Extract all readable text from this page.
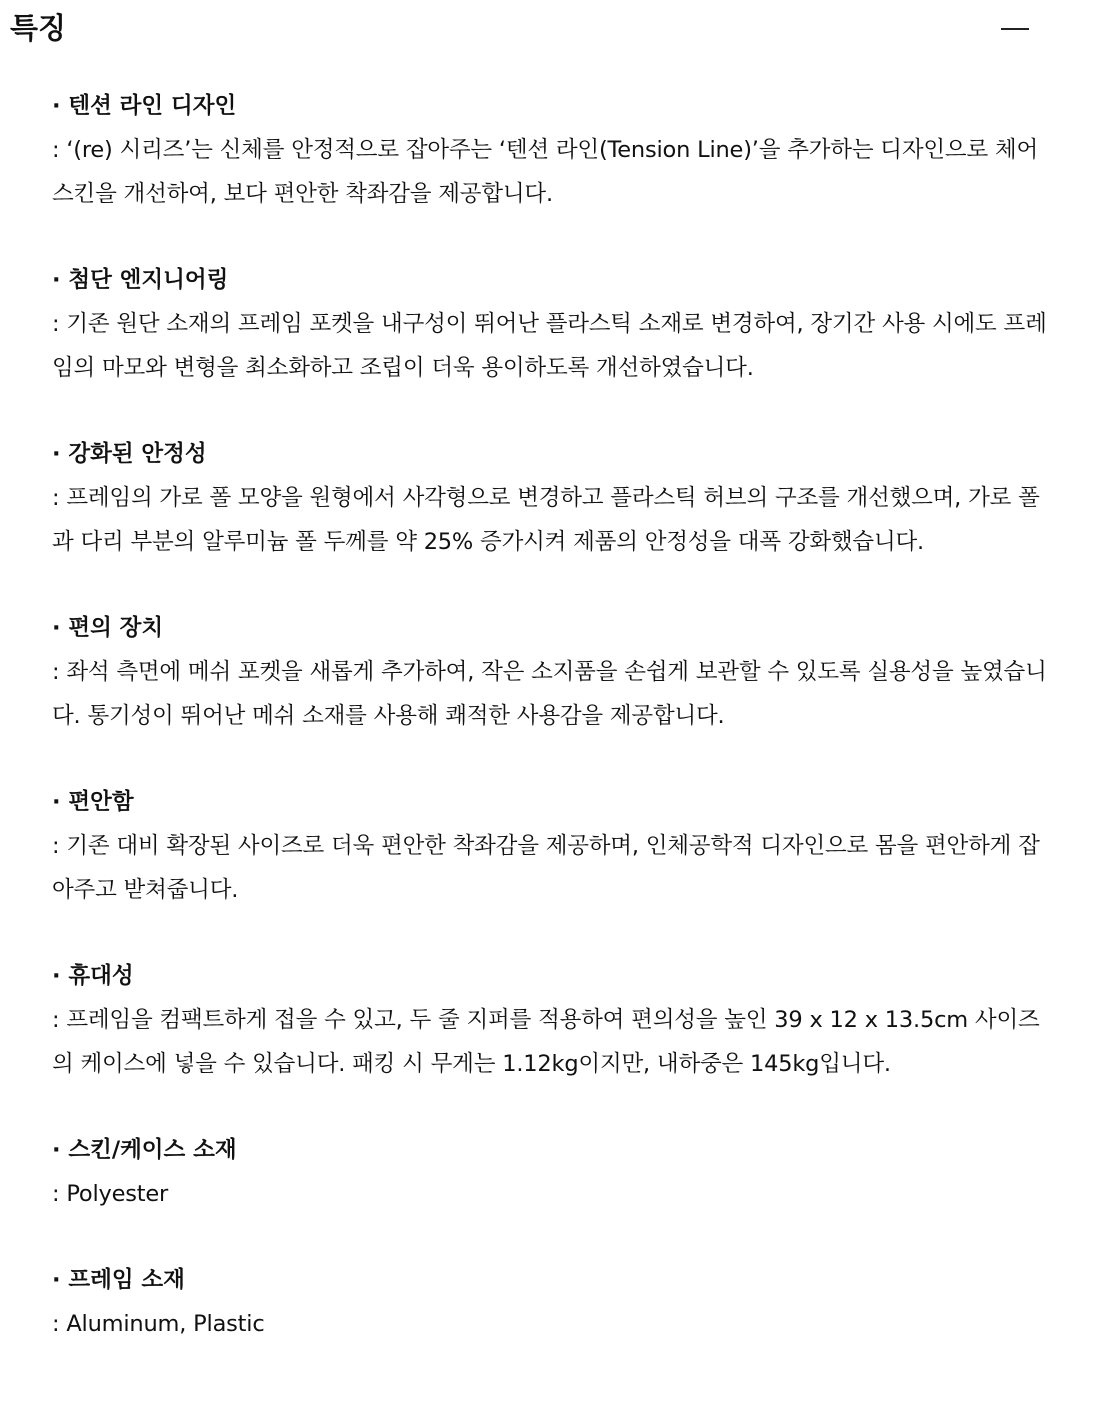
특징

· 텐션 라인 디자인

: ‘(re) 시리즈’는 신체를 안정적으로 잡아주는 ‘텐션 라인(Tension Line)’을 추가하는 디자인으로 체어 스킨을 개선하여, 보다 편안한 착좌감을 제공합니다.

· 첨단 엔지니어링

: 기존 원단 소재의 프레임 포켓을 내구성이 뛰어난 플라스틱 소재로 변경하여, 장기간 사용 시에도 프레임의 마모와 변형을 최소화하고 조립이 더욱 용이하도록 개선하였습니다.

· 강화된 안정성

: 프레임의 가로 폴 모양을 원형에서 사각형으로 변경하고 플라스틱 허브의 구조를 개선했으며, 가로 폴과 다리 부분의 알루미늄 폴 두께를 약 25% 증가시켜 제품의 안정성을 대폭 강화했습니다.

· 편의 장치

: 좌석 측면에 메쉬 포켓을 새롭게 추가하여, 작은 소지품을 손쉽게 보관할 수 있도록 실용성을 높였습니다. 통기성이 뛰어난 메쉬 소재를 사용해 쾌적한 사용감을 제공합니다.

· 편안함

: 기존 대비 확장된 사이즈로 더욱 편안한 착좌감을 제공하며, 인체공학적 디자인으로 몸을 편안하게 잡아주고 받쳐줍니다.

· 휴대성

: 프레임을 컴팩트하게 접을 수 있고, 두 줄 지퍼를 적용하여 편의성을 높인 39 x 12 x 13.5cm 사이즈의 케이스에 넣을 수 있습니다. 패킹 시 무게는 1.12kg이지만, 내하중은 145kg입니다.

· 스킨/케이스 소재

: Polyester

· 프레임 소재

: Aluminum, Plastic
